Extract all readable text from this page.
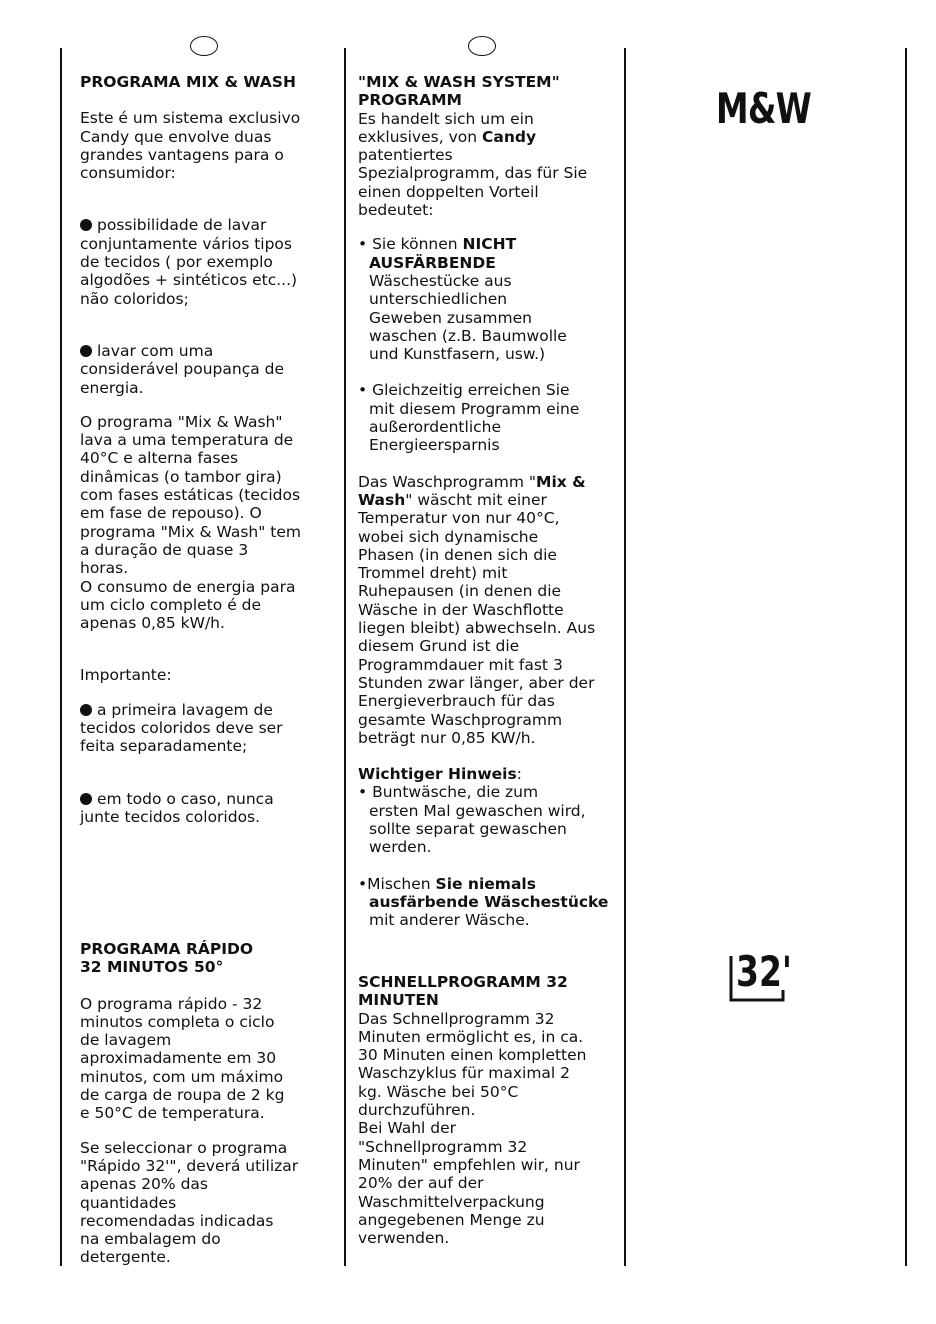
PROGRAMA MIX & WASH

Este é um sistema exclusivo

Candy que envolve duas

grandes vantagens para o

consumidor:

possibilidade de lavar

conjuntamente vários tipos

de tecidos ( por exemplo

algodões + sintéticos etc...)

não coloridos;

lavar com uma

considerável poupança de

energia.

O programa "Mix & Wash"

lava a uma temperatura de

40°C e alterna fases

dinâmicas (o tambor gira)

com fases estáticas (tecidos

em fase de repouso). O

programa "Mix & Wash" tem

a duração de quase 3

horas.

O consumo de energia para

um ciclo completo é de

apenas 0,85 kW/h.

Importante:

a primeira lavagem de

tecidos coloridos deve ser

feita separadamente;

em todo o caso, nunca

junte tecidos coloridos.

PROGRAMA RÁPIDO

32 MINUTOS 50°

O programa rápido - 32

minutos completa o ciclo

de lavagem

aproximadamente em 30

minutos, com um máximo

de carga de roupa de 2 kg

e 50°C de temperatura.

Se seleccionar o programa

"Rápido 32'", deverá utilizar

apenas 20% das

quantidades

recomendadas indicadas

na embalagem do

detergente.

"MIX & WASH SYSTEM"

PROGRAMM

Es handelt sich um ein

exklusives, von Candy

patentiertes

Spezialprogramm, das für Sie

einen doppelten Vorteil

bedeutet:

• Sie können NICHT

AUSFÄRBENDE

Wäschestücke aus

unterschiedlichen

Geweben zusammen

waschen (z.B. Baumwolle

und Kunstfasern, usw.)

• Gleichzeitig erreichen Sie

mit diesem Programm eine

außerordentliche

Energieersparnis

Das Waschprogramm "Mix &

Wash" wäscht mit einer

Temperatur von nur 40°C,

wobei sich dynamische

Phasen (in denen sich die

Trommel dreht) mit

Ruhepausen (in denen die

Wäsche in der Waschflotte

liegen bleibt) abwechseln. Aus

diesem Grund ist die

Programmdauer mit fast 3

Stunden zwar länger, aber der

Energieverbrauch für das

gesamte Waschprogramm

beträgt nur 0,85 KW/h.

Wichtiger Hinweis:

• Buntwäsche, die zum

ersten Mal gewaschen wird,

sollte separat gewaschen

werden.

•Mischen Sie niemals

ausfärbende Wäschestücke

mit anderer Wäsche.

SCHNELLPROGRAMM 32

MINUTEN

Das Schnellprogramm 32

Minuten ermöglicht es, in ca.

30 Minuten einen kompletten

Waschzyklus für maximal 2

kg. Wäsche bei 50°C

durchzuführen.

Bei Wahl der

"Schnellprogramm 32

Minuten" empfehlen wir, nur

20% der auf der

Waschmittelverpackung

angegebenen Menge zu

verwenden.

M&W
32'
